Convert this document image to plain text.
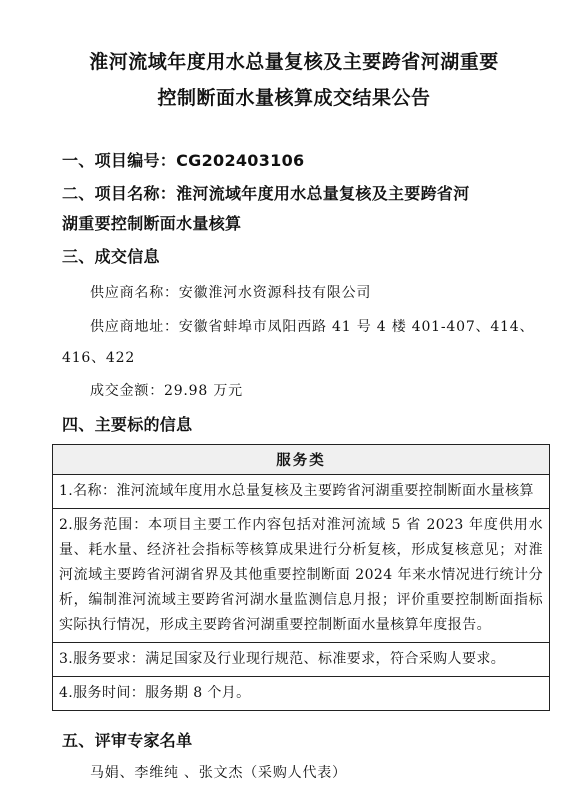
淮河流域年度用水总量复核及主要跨省河湖重要
控制断面水量核算成交结果公告
一、项目编号：CG202403106
二、项目名称：淮河流域年度用水总量复核及主要跨省河
湖重要控制断面水量核算
三、成交信息
供应商名称：安徽淮河水资源科技有限公司
供应商地址：安徽省蚌埠市凤阳西路 41 号 4 楼 401-407、414、
416、422
成交金额：29.98 万元
四、主要标的信息
服务类
1.名称：淮河流域年度用水总量复核及主要跨省河湖重要控制断面水量核算
2.服务范围：本项目主要工作内容包括对淮河流域 5 省 2023 年度供用水量、耗水量、经济社会指标等核算成果进行分析复核，形成复核意见；对淮河流域主要跨省河湖省界及其他重要控制断面 2024 年来水情况进行统计分析，编制淮河流域主要跨省河湖水量监测信息月报；评价重要控制断面指标实际执行情况，形成主要跨省河湖重要控制断面水量核算年度报告。
3.服务要求：满足国家及行业现行规范、标准要求，符合采购人要求。
4.服务时间：服务期 8 个月。
五、评审专家名单
马娟、李维纯 、张文杰（采购人代表）
